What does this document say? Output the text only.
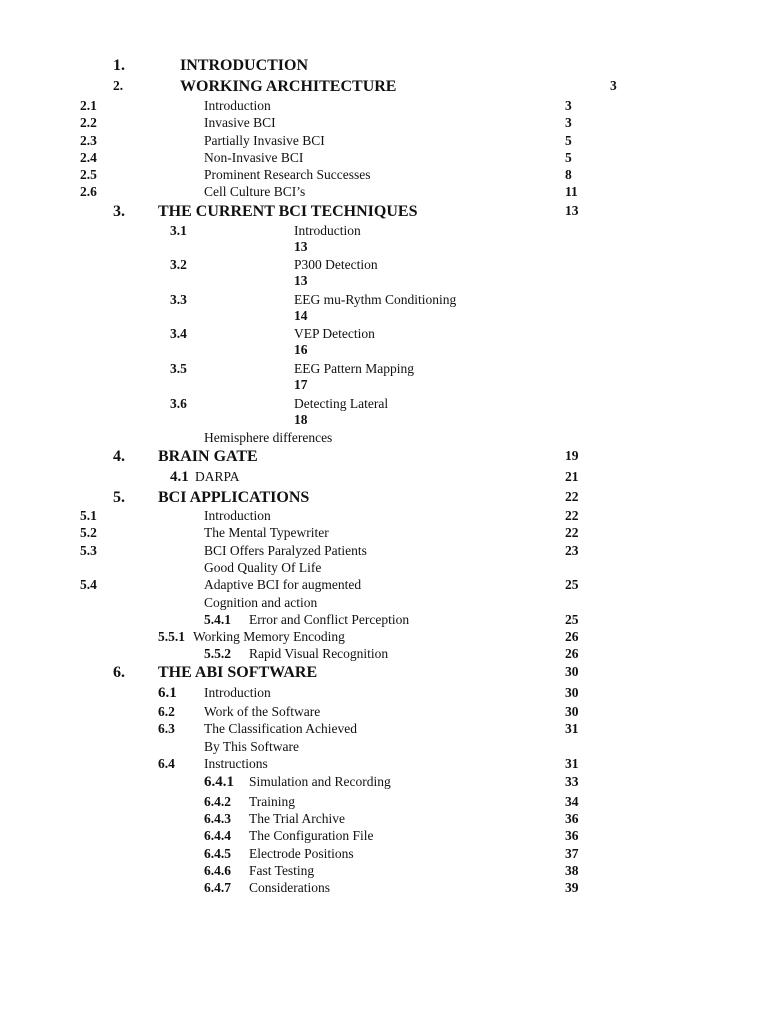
1.	INTRODUCTION
2.	WORKING ARCHITECTURE	3
2.1	Introduction	3
2.2	Invasive BCI	3
2.3	Partially Invasive BCI	5
2.4	Non-Invasive BCI	5
2.5	Prominent Research Successes	8
2.6	Cell Culture BCI’s	11
3. THE CURRENT BCI TECHNIQUES	13
3.1	Introduction
13
3.2	P300 Detection
13
3.3	EEG mu-Rythm Conditioning
14
3.4	VEP Detection
16
3.5	EEG Pattern Mapping
17
3.6	Detecting Lateral
18
Hemisphere differences
4. BRAIN GATE	19
4.1 DARPA	21
5. BCI APPLICATIONS	22
5.1	Introduction	22
5.2	The Mental Typewriter	22
5.3	BCI Offers Paralyzed Patients	23
Good Quality Of Life
5.4	Adaptive BCI for augmented	25
Cognition and action
5.4.1 Error and Conflict Perception	25
5.5.1 Working Memory Encoding	26
5.5.2 Rapid Visual Recognition	26
6. THE ABI SOFTWARE	30
6.1 Introduction	30
6.2 Work of the Software	30
6.3 The Classification Achieved	31
By This Software
6.4 Instructions	31
6.4.1 Simulation and Recording	33
6.4.2 Training	34
6.4.3 The Trial Archive	36
6.4.4 The Configuration File	36
6.4.5 Electrode Positions	37
6.4.6 Fast Testing	38
6.4.7 Considerations	39
